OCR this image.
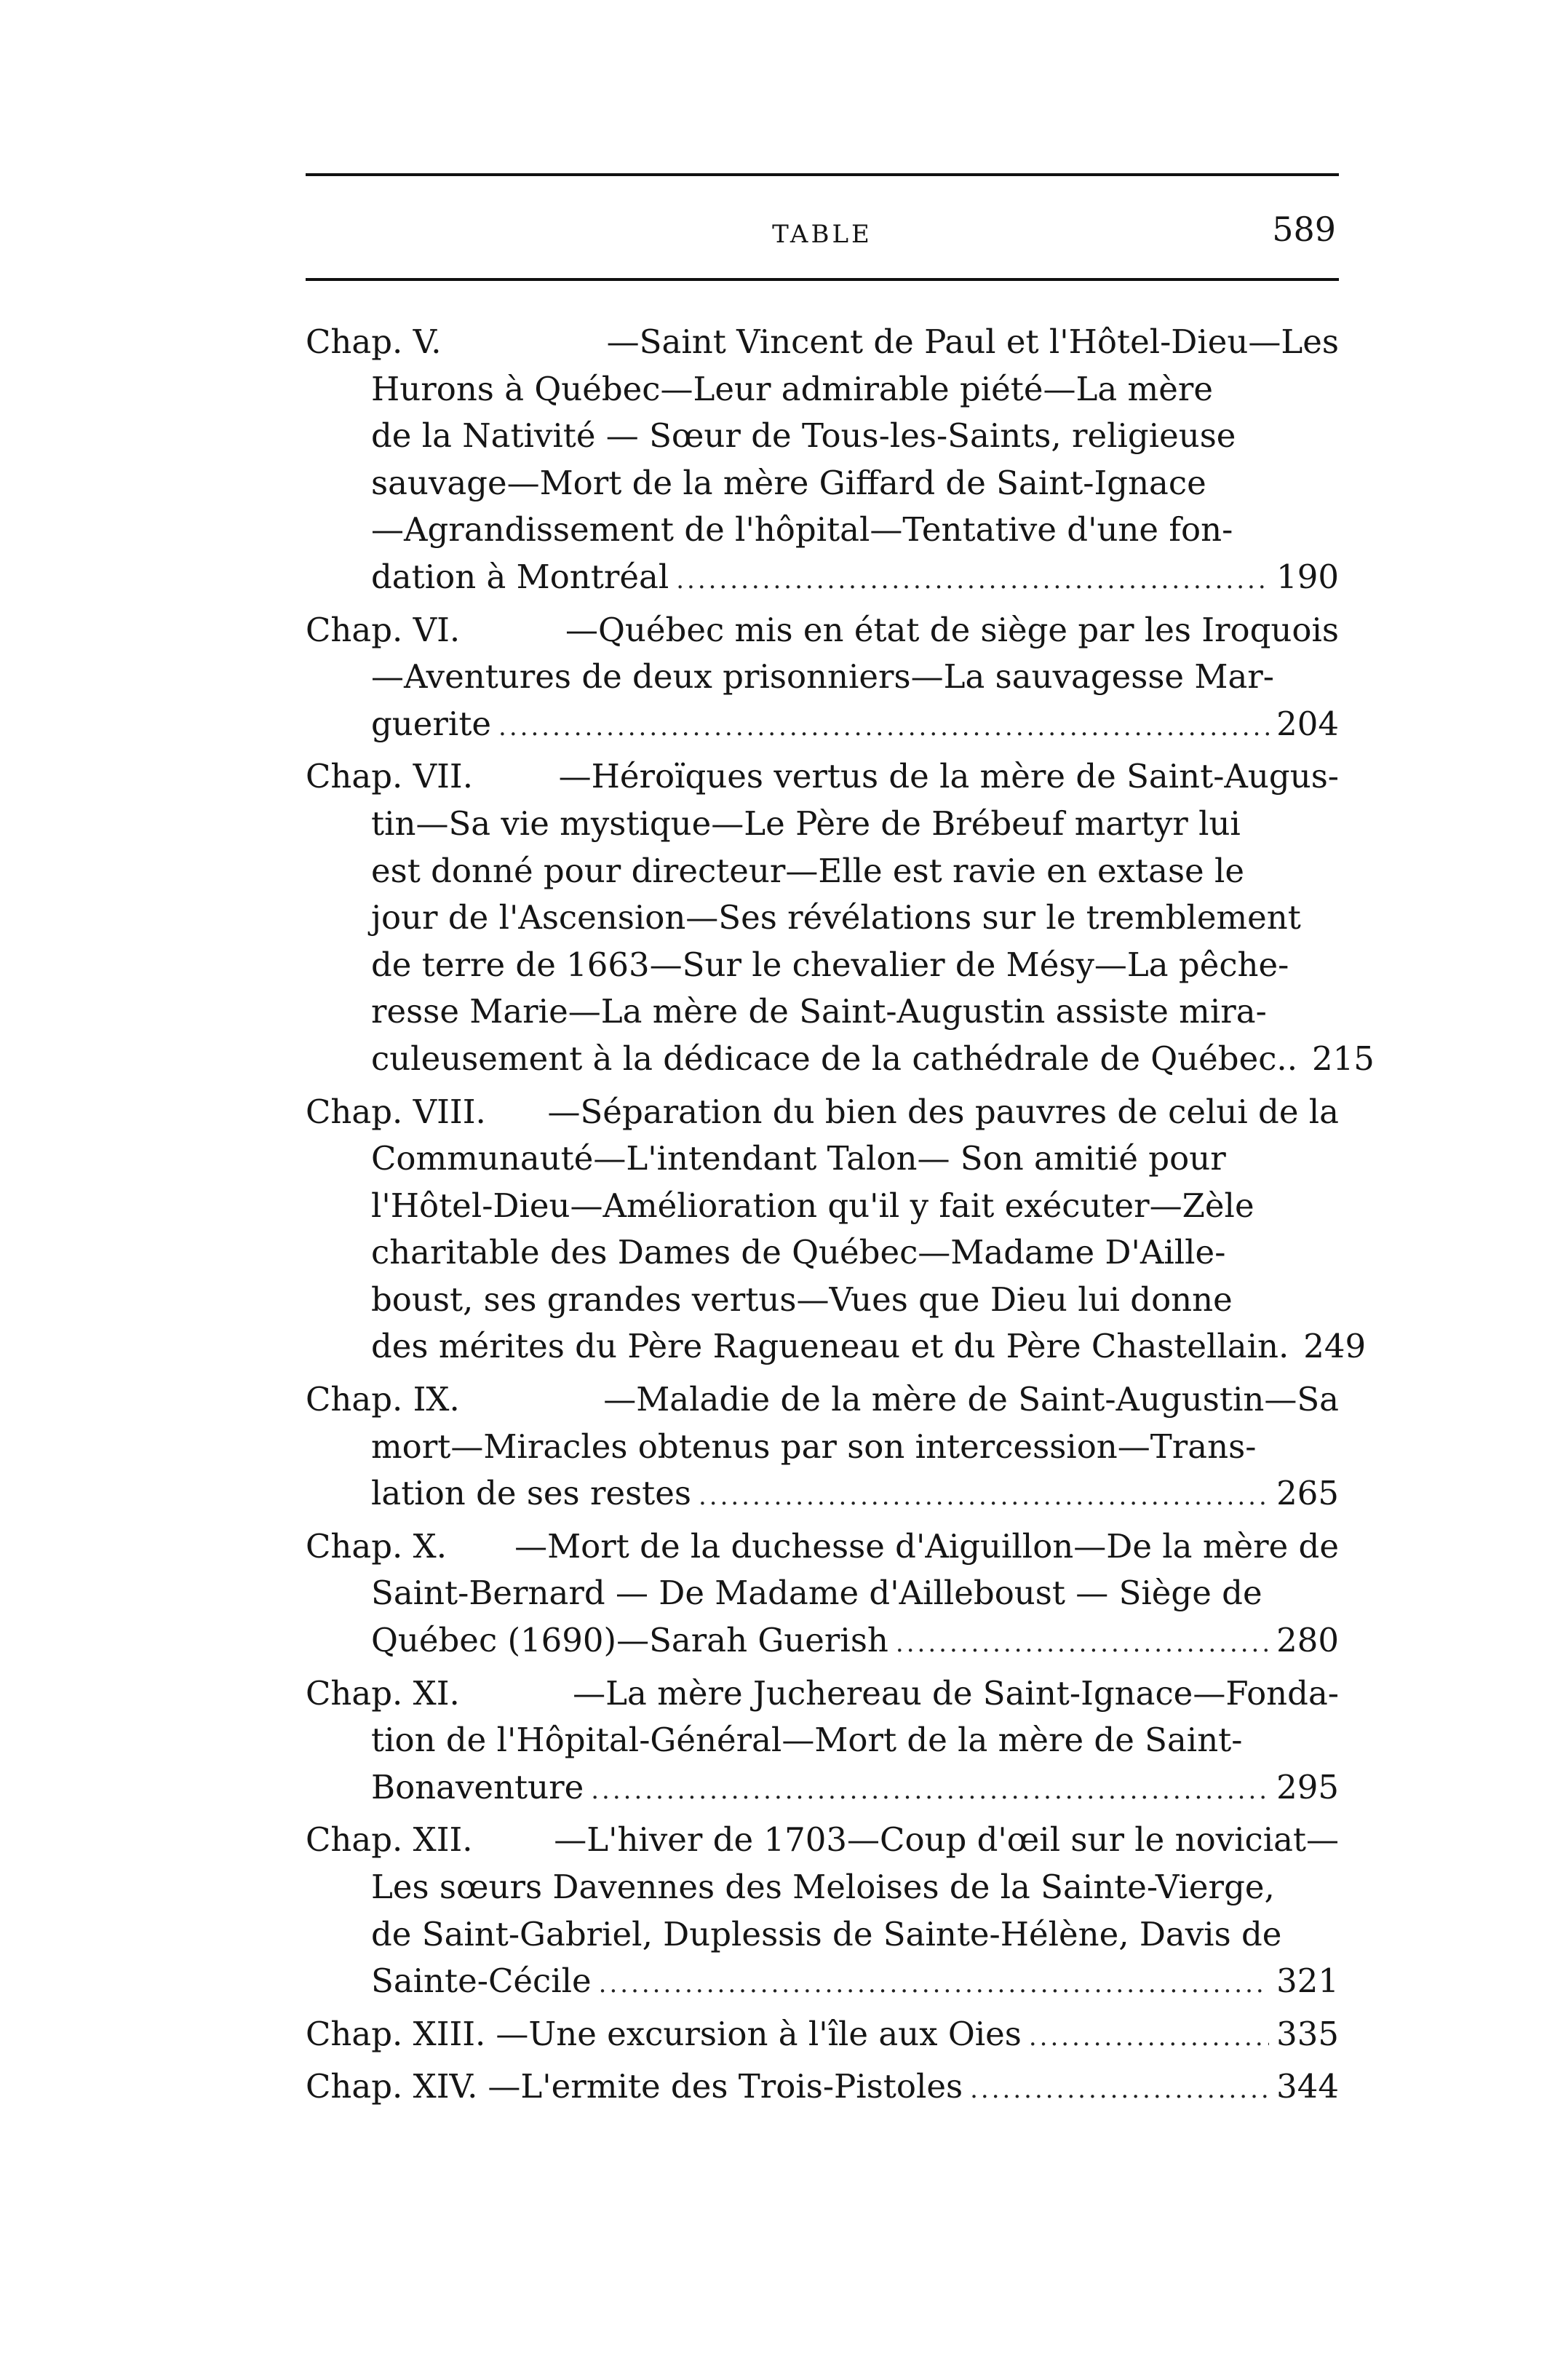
TABLE	589
Chap. V.	—Saint Vincent de Paul et l'Hôtel-Dieu—Les
Hurons à Québec—Leur admirable piété—La mère
de la Nativité — Sœur de Tous-les-Saints, religieuse
sauvage—Mort de la mère Giffard de Saint-Ignace
—Agrandissement de l'hôpital—Tentative d'une fon-
dation à Montréal .....	190
Chap. VI.	—Québec mis en état de siège par les Iroquois
—Aventures de deux prisonniers—La sauvagesse Mar-
guerite .....	204
Chap. VII.	—Héroïques vertus de la mère de Saint-Augus-
tin—Sa vie mystique—Le Père de Brébeuf martyr lui
est donné pour directeur—Elle est ravie en extase le
jour de l'Ascension—Ses révélations sur le tremblement
de terre de 1663—Sur le chevalier de Mésy—La pêche-
resse Marie—La mère de Saint-Augustin assiste mira-
culeusement à la dédicace de la cathédrale de Québec.. 215
Chap. VIII. —Séparation du bien des pauvres de celui de la
Communauté—L'intendant Talon— Son amitié pour
l'Hôtel-Dieu—Amélioration qu'il y fait exécuter—Zèle
charitable des Dames de Québec—Madame D'Aille-
boust, ses grandes vertus—Vues que Dieu lui donne
des mérites du Père Ragueneau et du Père Chastellain. 249
Chap. IX.	—Maladie de la mère de Saint-Augustin—Sa
mort—Miracles obtenus par son intercession—Trans-
lation de ses restes .....	265
Chap. X. —Mort de la duchesse d'Aiguillon—De la mère de
Saint-Bernard — De Madame d'Ailleboust — Siège de
Québec (1690)—Sarah Guerish .....	280
Chap. XI.	—La mère Juchereau de Saint-Ignace—Fonda-
tion de l'Hôpital-Général—Mort de la mère de Saint-
Bonaventure .....	295
Chap. XII. —L'hiver de 1703—Coup d'œil sur le noviciat—
Les sœurs Davennes des Meloises de la Sainte-Vierge,
de Saint-Gabriel, Duplessis de Sainte-Hélène, Davis de
Sainte-Cécile .....	321
Chap. XIII. —Une excursion à l'île aux Oies .....	335
Chap. XIV. —L'ermite des Trois-Pistoles .....	344
